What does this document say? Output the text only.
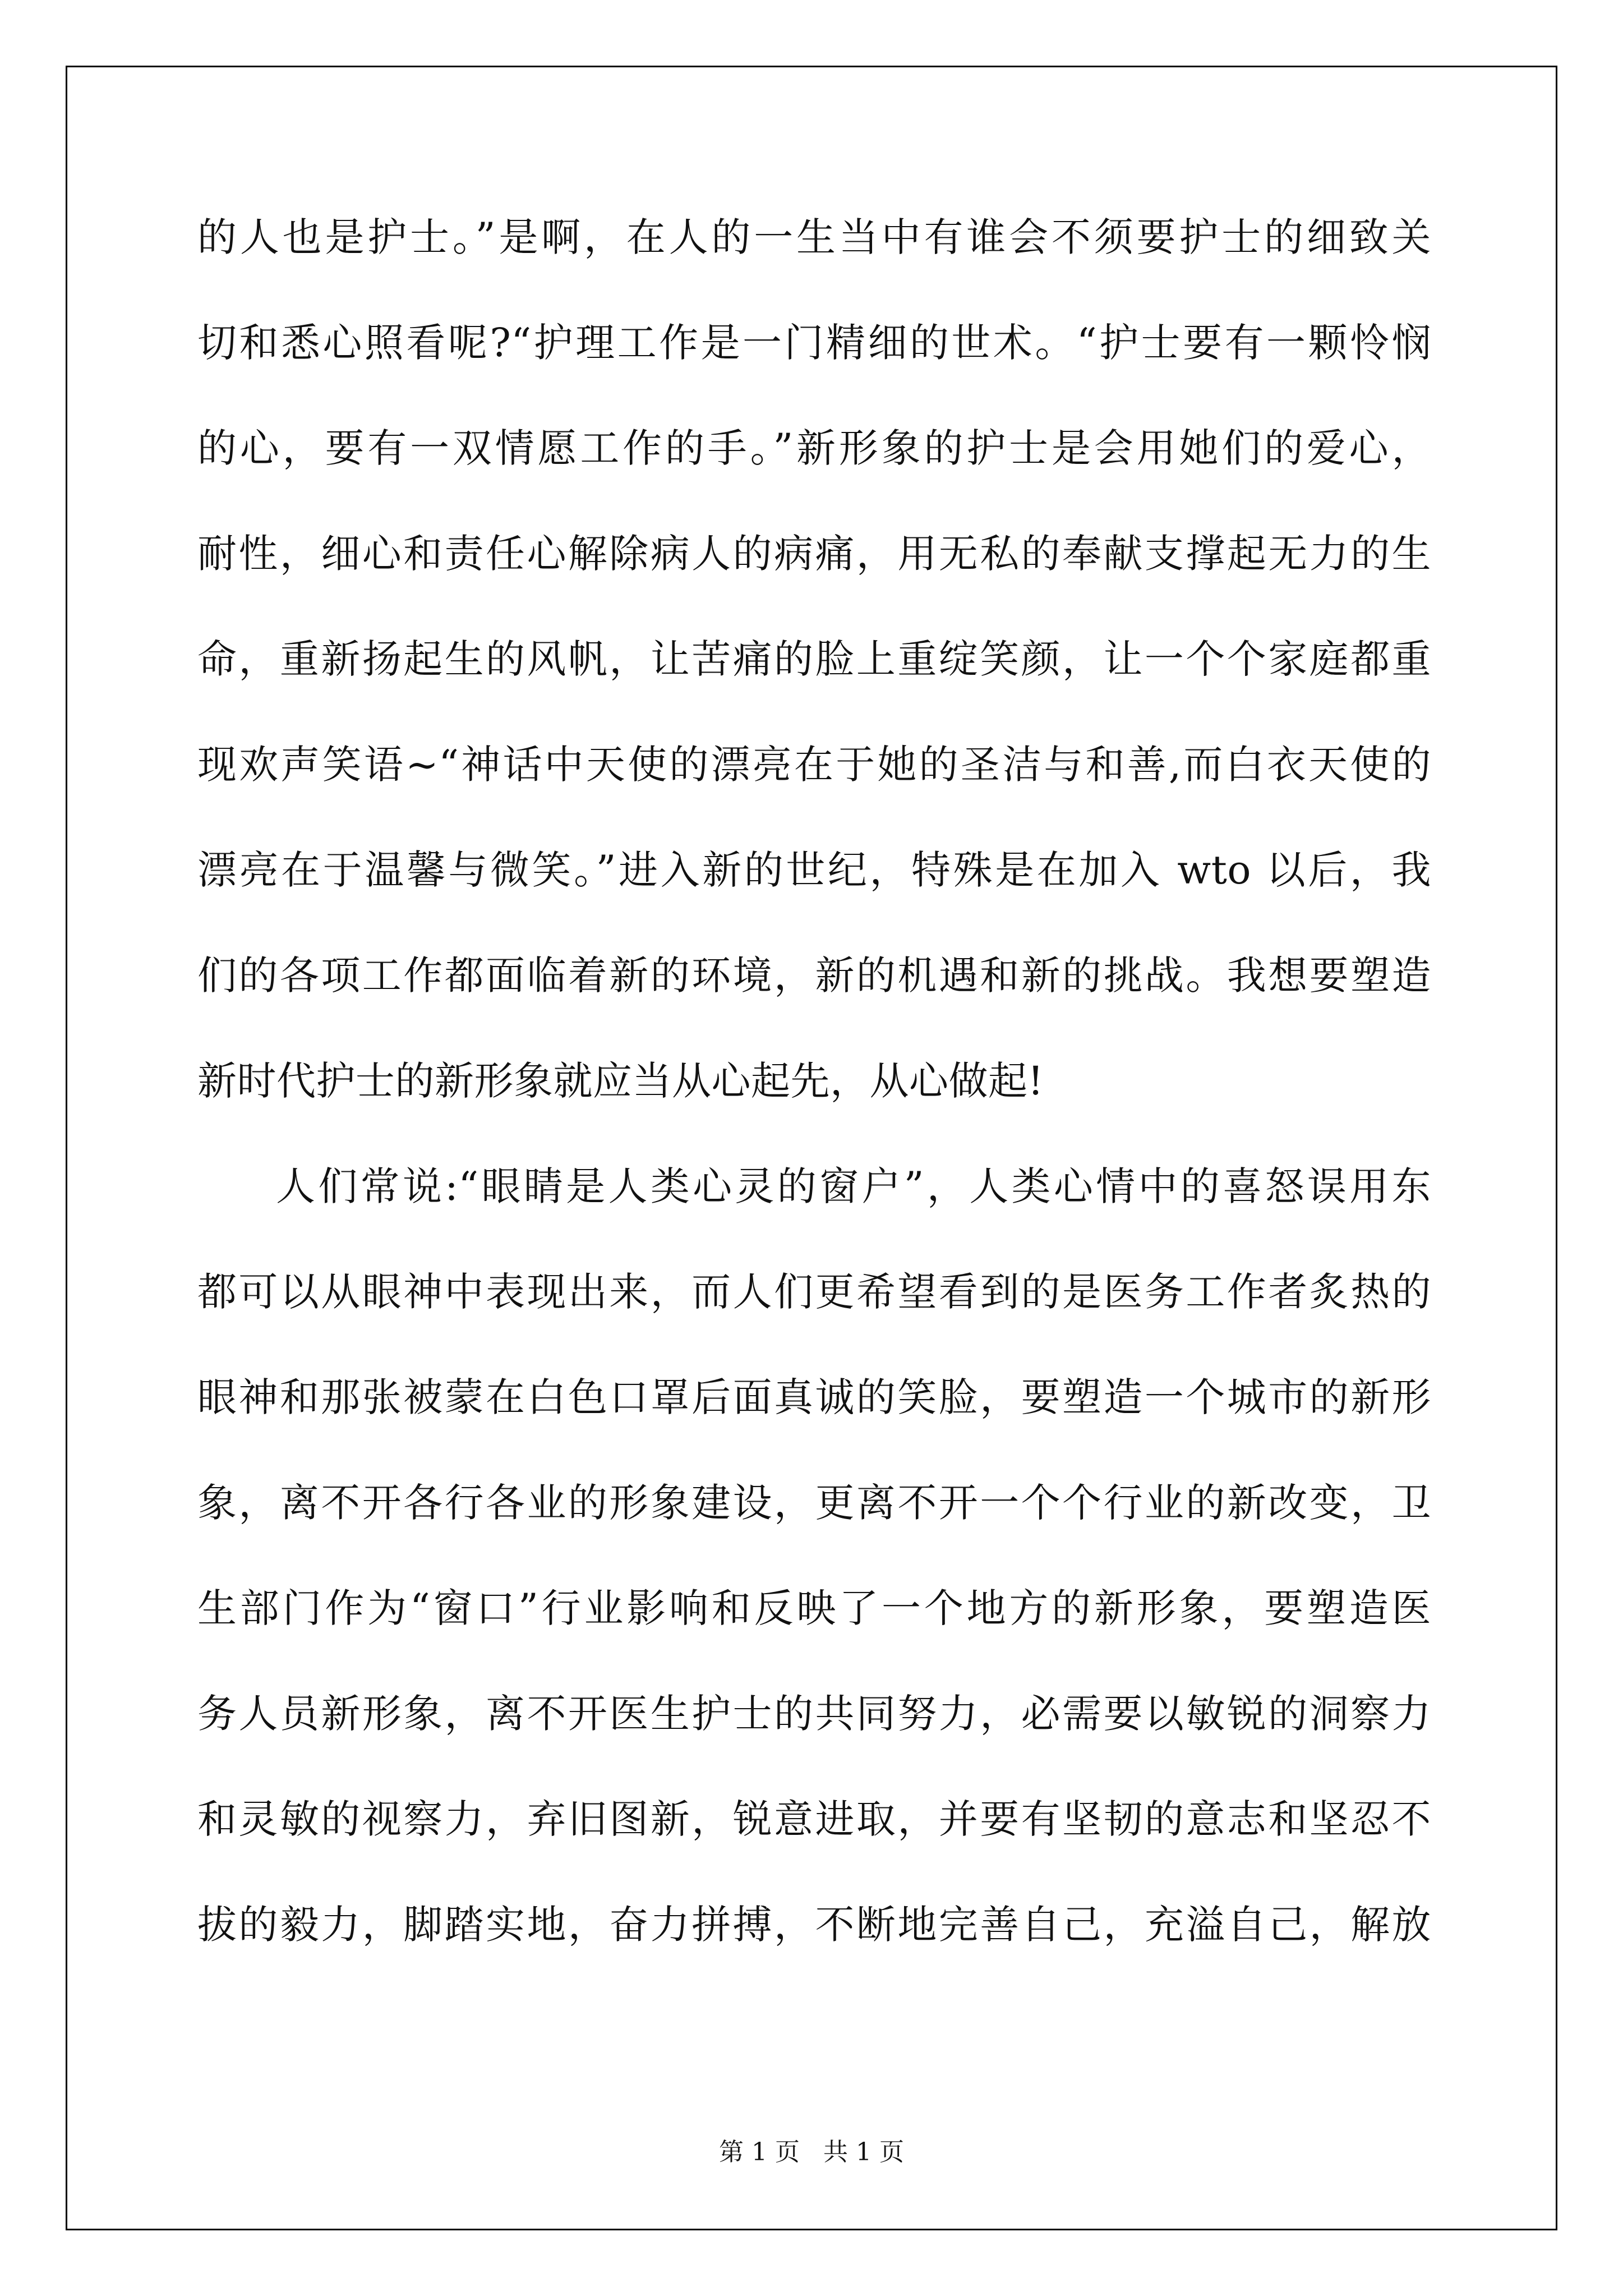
的人也是护士。”是啊，在人的一生当中有谁会不须要护士的细致关
切和悉心照看呢?“护理工作是一门精细的世术。“护士要有一颗怜悯
的心，要有一双情愿工作的手。”新形象的护士是会用她们的爱心，
耐性，细心和责任心解除病人的病痛，用无私的奉献支撑起无力的生
命，重新扬起生的风帆，让苦痛的脸上重绽笑颜，让一个个家庭都重
现欢声笑语~“神话中天使的漂亮在于她的圣洁与和善,而白衣天使的
漂亮在于温馨与微笑。”进入新的世纪，特殊是在加入 wto 以后，我
们的各项工作都面临着新的环境，新的机遇和新的挑战。我想要塑造
新时代护士的新形象就应当从心起先，从心做起!
人们常说:“眼睛是人类心灵的窗户”，人类心情中的喜怒误用东
都可以从眼神中表现出来，而人们更希望看到的是医务工作者炙热的
眼神和那张被蒙在白色口罩后面真诚的笑脸，要塑造一个城市的新形
象，离不开各行各业的形象建设，更离不开一个个行业的新改变，卫
生部门作为“窗口”行业影响和反映了一个地方的新形象，要塑造医
务人员新形象，离不开医生护士的共同努力，必需要以敏锐的洞察力
和灵敏的视察力，弃旧图新，锐意进取，并要有坚韧的意志和坚忍不
拔的毅力，脚踏实地，奋力拼搏，不断地完善自己，充溢自己，解放
第 1 页   共 1 页
